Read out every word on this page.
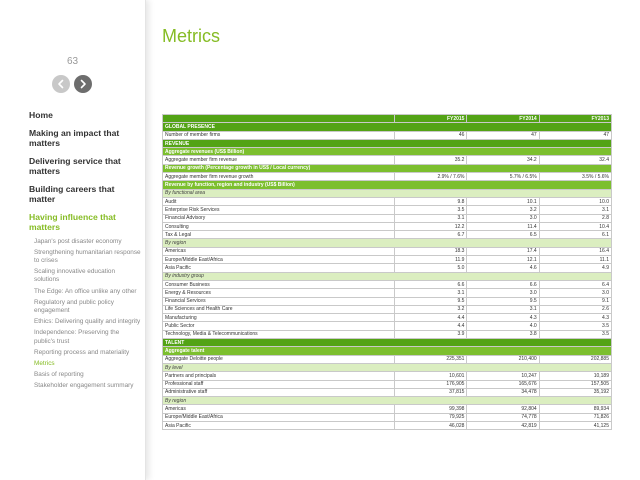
63
Home
Making an impact that matters
Delivering service that matters
Building careers that matter
Having influence that matters
Japan's post disaster economy
Strengthening humanitarian response to crises
Scaling innovative education solutions
The Edge: An office unlike any other
Regulatory and public policy engagement
Ethics: Delivering quality and integrity
Independence: Preserving the public's trust
Reporting process and materiality
Metrics
Basis of reporting
Stakeholder engagement summary
Metrics
	FY2015	FY2014	FY2013
GLOBAL PRESENCE			
Number of member firms	46	47	47
REVENUE			
Aggregate revenues (US$ Billion)			
Aggregate member firm revenue	35.2	34.2	32.4
Revenue growth (Percentage growth in US$ / Local currency)			
Aggregate member firm revenue growth	2.9% / 7.6%	5.7% / 6.5%	3.5% / 5.6%
Revenue by function, region and industry (US$ Billion)			
By functional area			
Audit	9.8	10.1	10.0
Enterprise Risk Services	3.5	3.2	3.1
Financial Advisory	3.1	3.0	2.8
Consulting	12.2	11.4	10.4
Tax & Legal	6.7	6.5	6.1
By region			
Americas	18.3	17.4	16.4
Europe/Middle East/Africa	11.9	12.1	11.1
Asia Pacific	5.0	4.6	4.9
By industry group			
Consumer Business	6.6	6.6	6.4
Energy & Resources	3.1	3.0	3.0
Financial Services	9.5	9.5	9.1
Life Sciences and Health Care	3.2	3.1	2.6
Manufacturing	4.4	4.3	4.3
Public Sector	4.4	4.0	3.5
Technology, Media & Telecommunications	3.9	3.8	3.5
TALENT			
Aggregate talent			
Aggregate Deloitte people	225,351	210,400	202,885
By level			
Partners and principals	10,601	10,247	10,189
Professional staff	176,905	165,676	157,505
Administrative staff	37,815	34,478	35,192
By region			
Americas	99,398	92,804	89,934
Europe/Middle East/Africa	79,925	74,778	71,826
Asia Pacific	46,028	42,819	41,125
